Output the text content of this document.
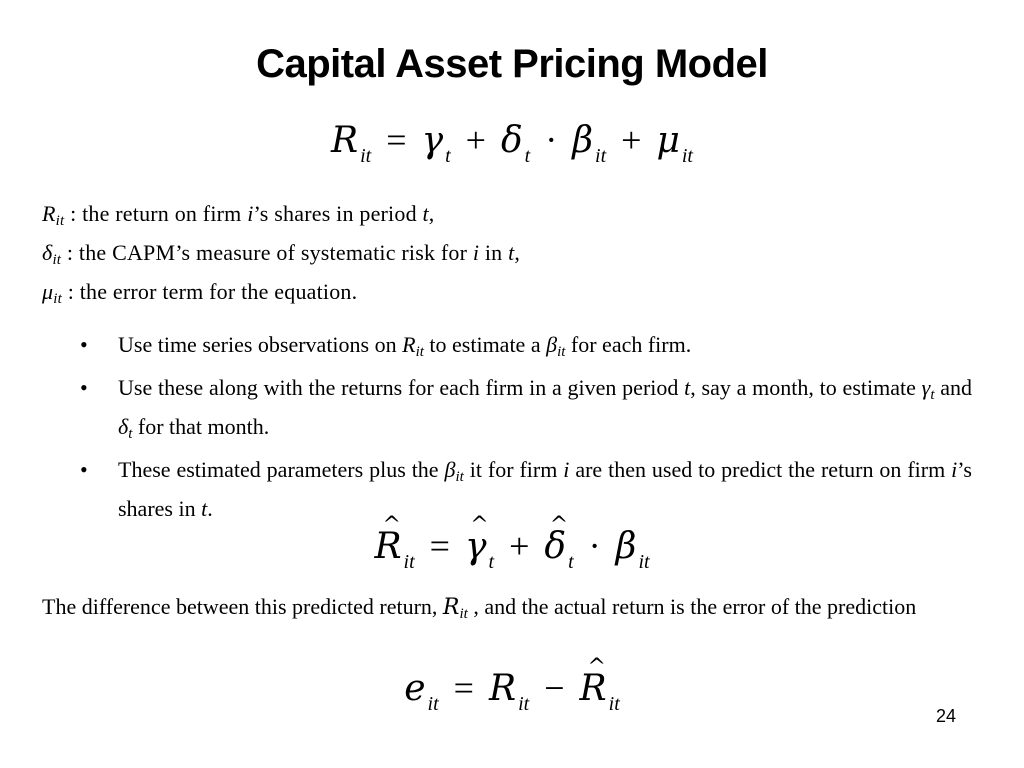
Capital Asset Pricing Model
R $_{it}$ = γ $_t$ + δ $_t$ · β $_{it}$ + μ $_{it}$
$R_{it}$ : the return on firm i’s shares in period t,
$\delta_{it}$ : the CAPM’s measure of systematic risk for i in t,
$\mu_{it}$ : the error term for the equation.
• Use time series observations on $R_{it}$ to estimate a $\beta_{it}$ for each firm.
• Use these along with the returns for each firm in a given period t, say a month, to estimate $\gamma_t$ and $\delta_t$ for that month.
• These estimated parameters plus the $\beta_{it}$ it for firm i are then used to predict the return on firm i’s shares in t.
^ R $_{it}$ = ^ γ $_t$ + ^ δ $_t$ · β $_{it}$
The difference between this predicted return, $R_{it}$ , and the actual return is the error of the prediction
e $_{it}$ = R $_{it}$ − ^ R $_{it}$
24
